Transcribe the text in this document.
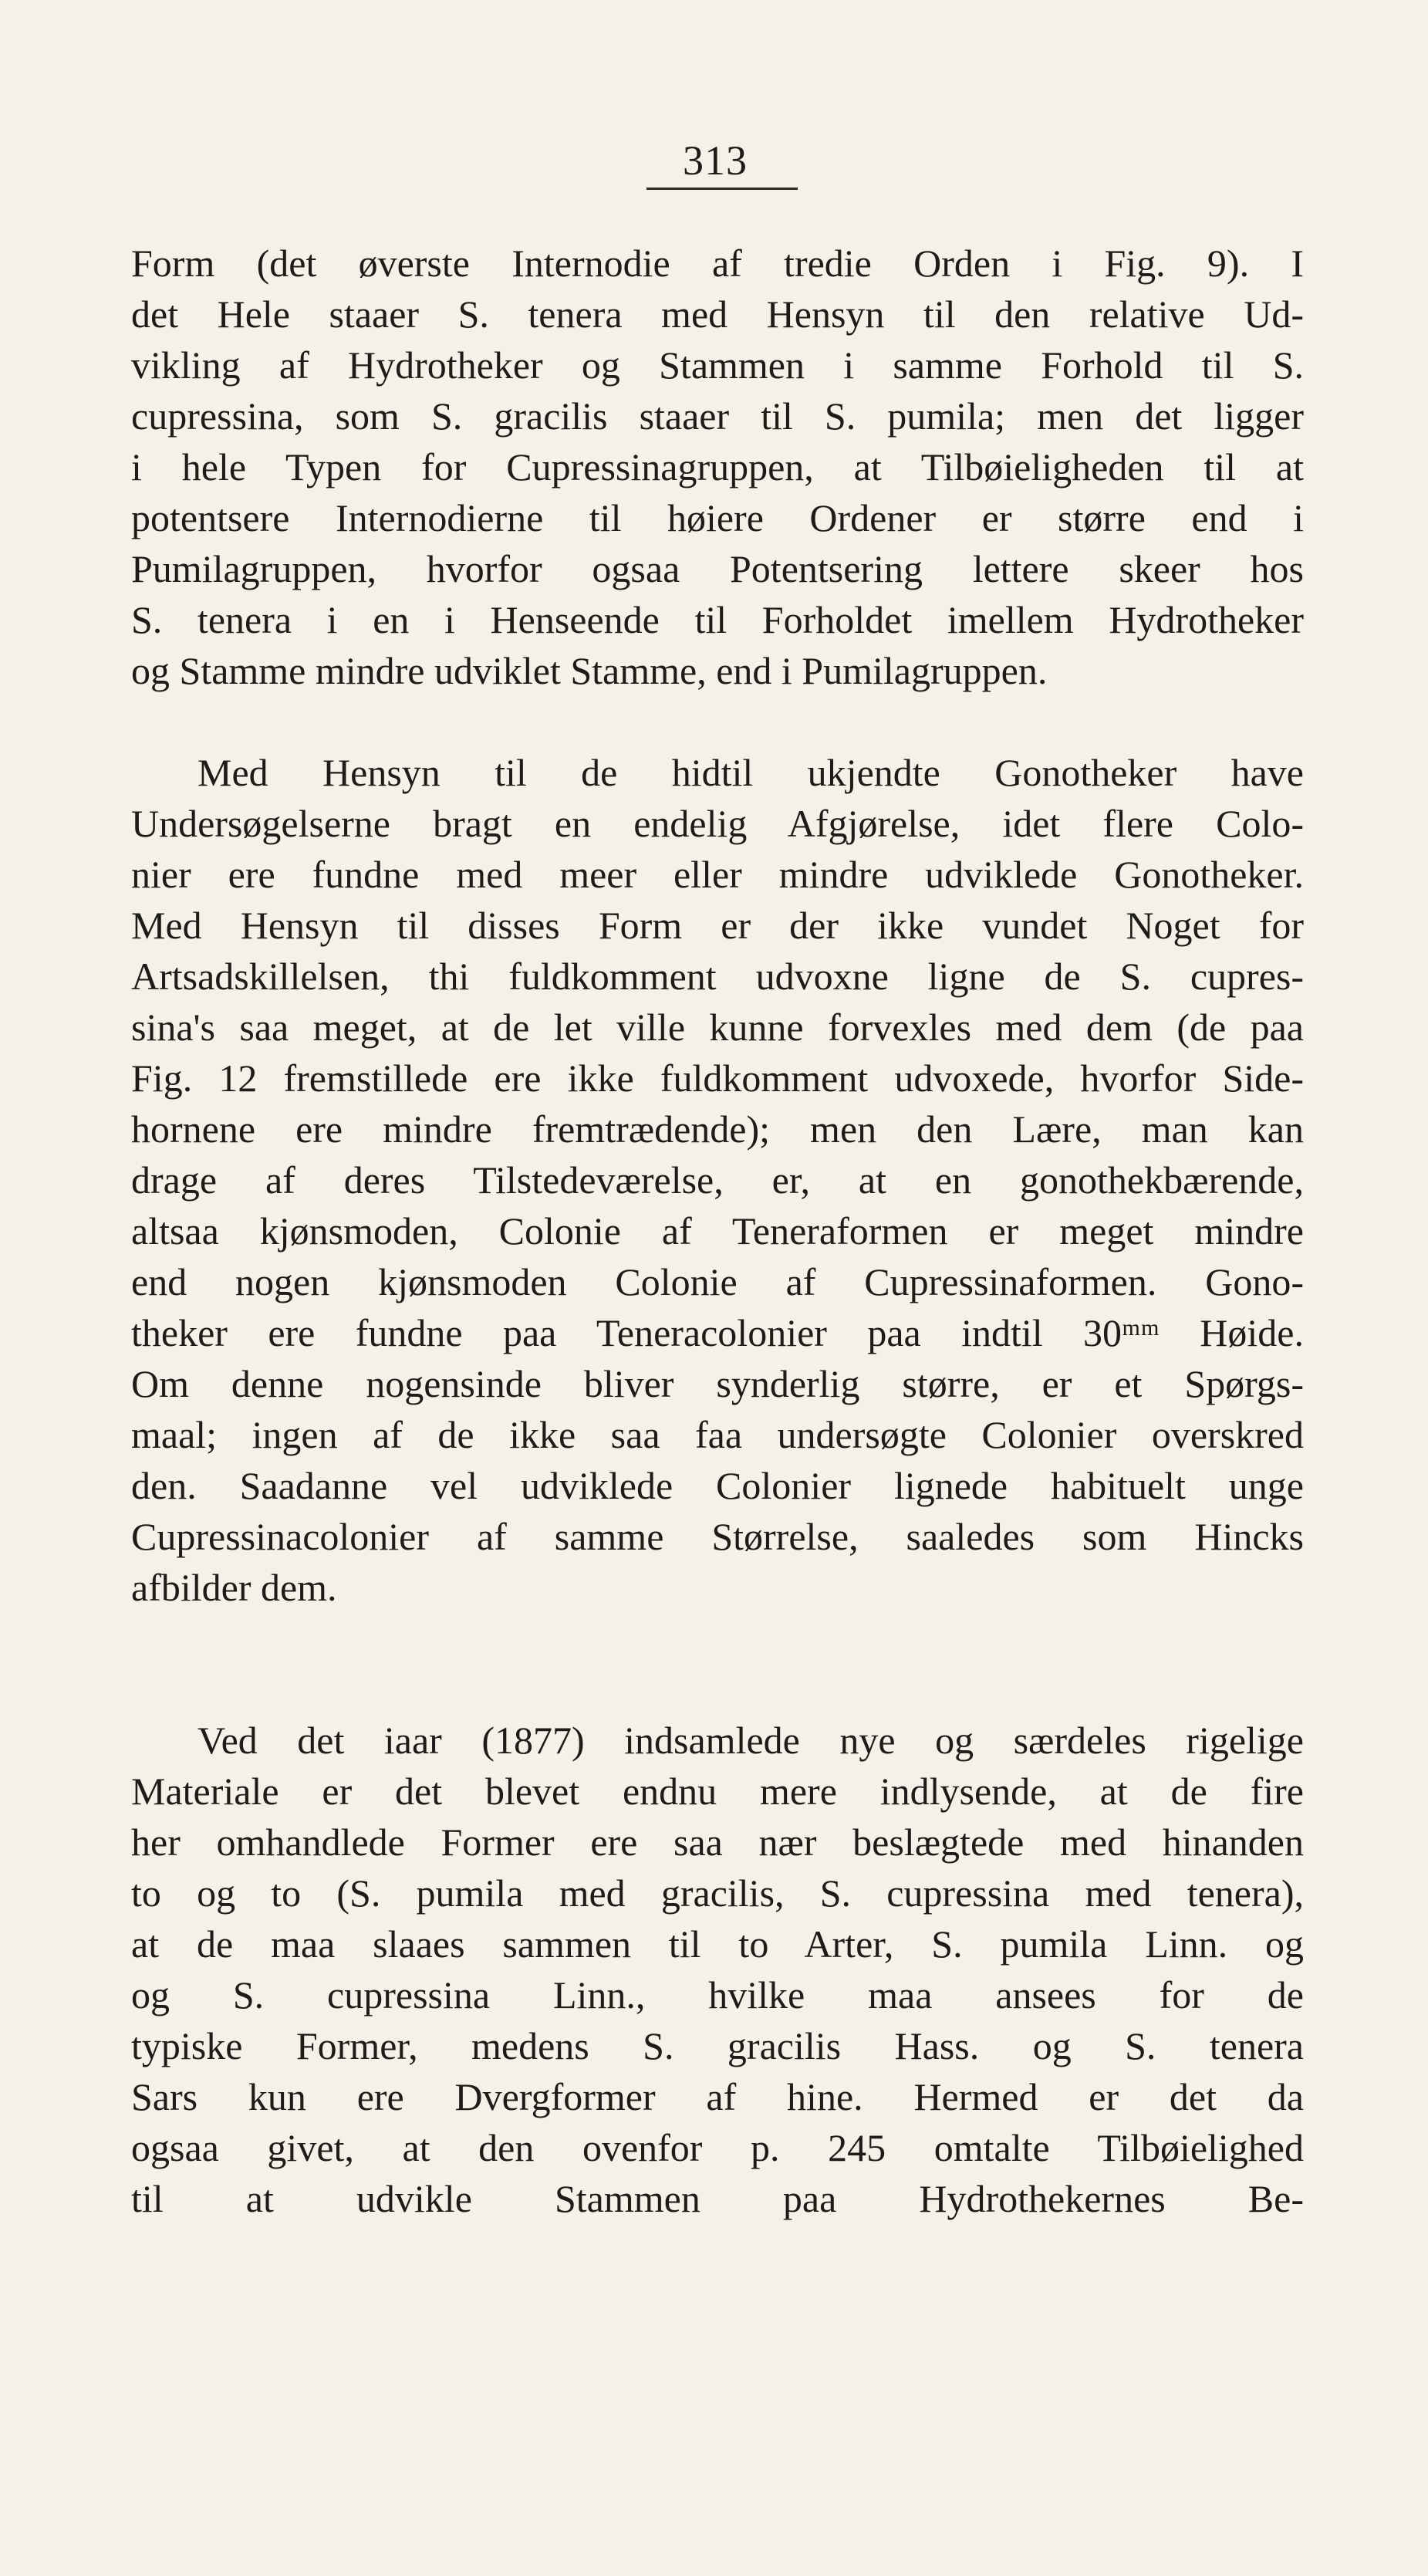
313
Form (det øverste Internodie af tredie Orden i Fig. 9). I
det Hele staaer S. tenera med Hensyn til den relative Ud-
vikling af Hydrotheker og Stammen i samme Forhold til S.
cupressina, som S. gracilis staaer til S. pumila; men det ligger
i hele Typen for Cupressinagruppen, at Tilbøieligheden til at
potentsere Internodierne til høiere Ordener er større end i
Pumilagruppen, hvorfor ogsaa Potentsering lettere skeer hos
S. tenera i en i Henseende til Forholdet imellem Hydrotheker
og Stamme mindre udviklet Stamme, end i Pumilagruppen.
Med Hensyn til de hidtil ukjendte Gonotheker have
Undersøgelserne bragt en endelig Afgjørelse, idet flere Colo-
nier ere fundne med meer eller mindre udviklede Gonotheker.
Med Hensyn til disses Form er der ikke vundet Noget for
Artsadskillelsen, thi fuldkomment udvoxne ligne de S. cupres-
sina's saa meget, at de let ville kunne forvexles med dem (de paa
Fig. 12 fremstillede ere ikke fuldkomment udvoxede, hvorfor Side-
hornene ere mindre fremtrædende); men den Lære, man kan
drage af deres Tilstedeværelse, er, at en gonothekbærende,
altsaa kjønsmoden, Colonie af Teneraformen er meget mindre
end nogen kjønsmoden Colonie af Cupressinaformen. Gono-
theker ere fundne paa Teneracolonier paa indtil 30ᵐᵐ Høide.
Om denne nogensinde bliver synderlig større, er et Spørgs-
maal; ingen af de ikke saa faa undersøgte Colonier overskred
den. Saadanne vel udviklede Colonier lignede habituelt unge
Cupressinacolonier af samme Størrelse, saaledes som Hincks
afbilder dem.
Ved det iaar (1877) indsamlede nye og særdeles rigelige
Materiale er det blevet endnu mere indlysende, at de fire
her omhandlede Former ere saa nær beslægtede med hinanden
to og to (S. pumila med gracilis, S. cupressina med tenera),
at de maa slaaes sammen til to Arter, S. pumila Linn. og
og S. cupressina Linn., hvilke maa ansees for de
typiske Former, medens S. gracilis Hass. og S. tenera
Sars kun ere Dvergformer af hine. Hermed er det da
ogsaa givet, at den ovenfor p. 245 omtalte Tilbøielighed
til at udvikle Stammen paa Hydrothekernes Be-
